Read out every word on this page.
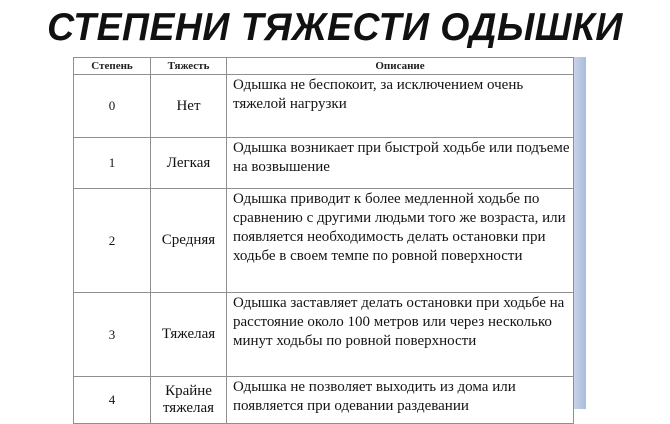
СТЕПЕНИ ТЯЖЕСТИ ОДЫШКИ
Степень	Тяжесть	Описание
0	Нет	Одышка не беспокоит, за исключением очень тяжелой нагрузки
1	Легкая	Одышка возникает при быстрой ходьбе или подъеме на возвышение
2	Средняя	Одышка приводит к более медленной ходьбе по сравнению с другими людьми того же возраста, или появляется необходимость делать остановки при ходьбе в своем темпе по ровной поверхности
3	Тяжелая	Одышка заставляет делать остановки при ходьбе на расстояние около 100 метров или через несколько минут ходьбы по ровной поверхности
4	Крайне тяжелая	Одышка не позволяет выходить из дома или появляется при одевании раздевании
